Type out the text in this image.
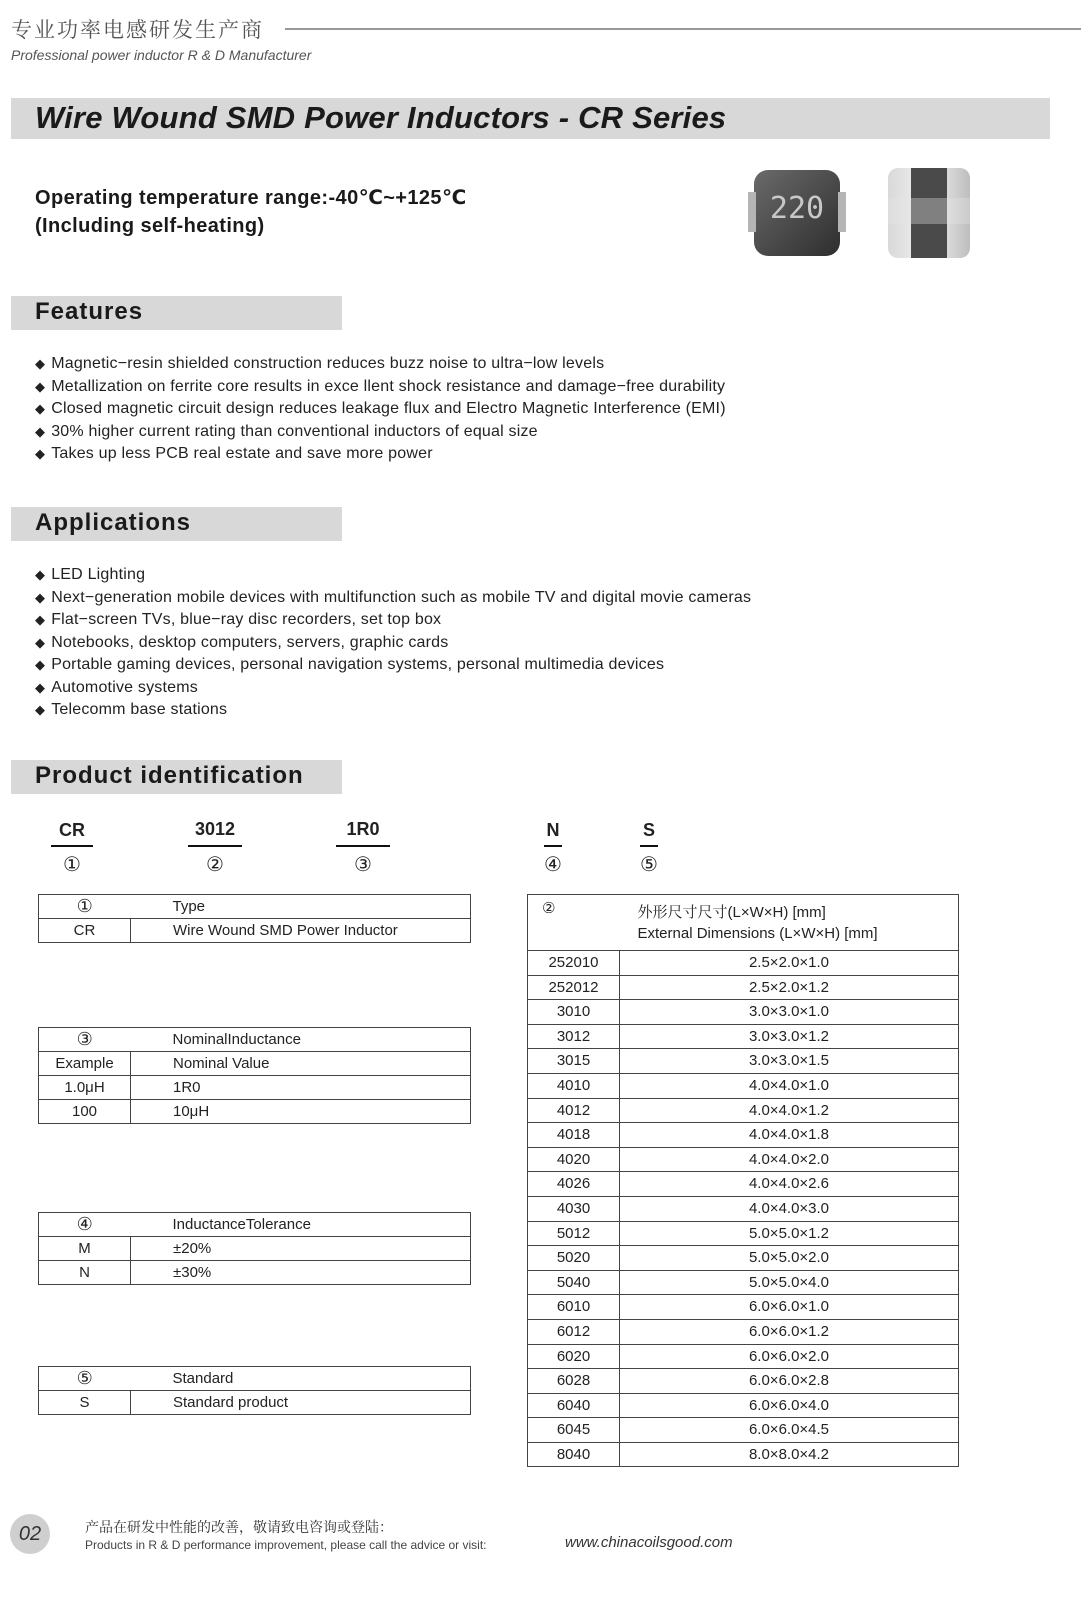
专业功率电感研发生产商
Professional power inductor R & D Manufacturer
Wire Wound SMD Power Inductors - CR Series
Operating temperature range:-40℃~+125℃
(Including self-heating)	220
Features
◆ Magnetic−resin shielded construction reduces buzz noise to ultra−low levels
◆ Metallization on ferrite core results in exce llent shock resistance and damage−free durability
◆ Closed magnetic circuit design reduces leakage flux and Electro Magnetic Interference (EMI)
◆ 30% higher current rating than conventional inductors of equal size
◆ Takes up less PCB real estate and save more power
Applications
◆ LED Lighting
◆ Next−generation mobile devices with multifunction such as mobile TV and digital movie cameras
◆ Flat−screen TVs, blue−ray disc recorders, set top box
◆ Notebooks, desktop computers, servers, graphic cards
◆ Portable gaming devices, personal navigation systems, personal multimedia devices
◆ Automotive systems
◆ Telecomm base stations
Product identification
CR
①
3012
②
1R0
③
N
④
S
⑤
①	Type
CR	Wire Wound SMD Power Inductor
③	NominalInductance
Example	Nominal Value
1.0μH	1R0
100	10μH
④	InductanceTolerance
M	±20%
N	±30%
⑤	Standard
S	Standard product
②	外形尺寸尺寸(L×W×H) [mm]
External Dimensions (L×W×H) [mm]

252010	2.5×2.0×1.0
252012	2.5×2.0×1.2
3010	3.0×3.0×1.0
3012	3.0×3.0×1.2
3015	3.0×3.0×1.5
4010	4.0×4.0×1.0
4012	4.0×4.0×1.2
4018	4.0×4.0×1.8
4020	4.0×4.0×2.0
4026	4.0×4.0×2.6
4030	4.0×4.0×3.0
5012	5.0×5.0×1.2
5020	5.0×5.0×2.0
5040	5.0×5.0×4.0
6010	6.0×6.0×1.0
6012	6.0×6.0×1.2
6020	6.0×6.0×2.0
6028	6.0×6.0×2.8
6040	6.0×6.0×4.0
6045	6.0×6.0×4.5
8040	8.0×8.0×4.2
02	产品在研发中性能的改善，敬请致电咨询或登陆：
Products in R & D performance improvement, please call the advice or visit:	www.chinacoilsgood.com
